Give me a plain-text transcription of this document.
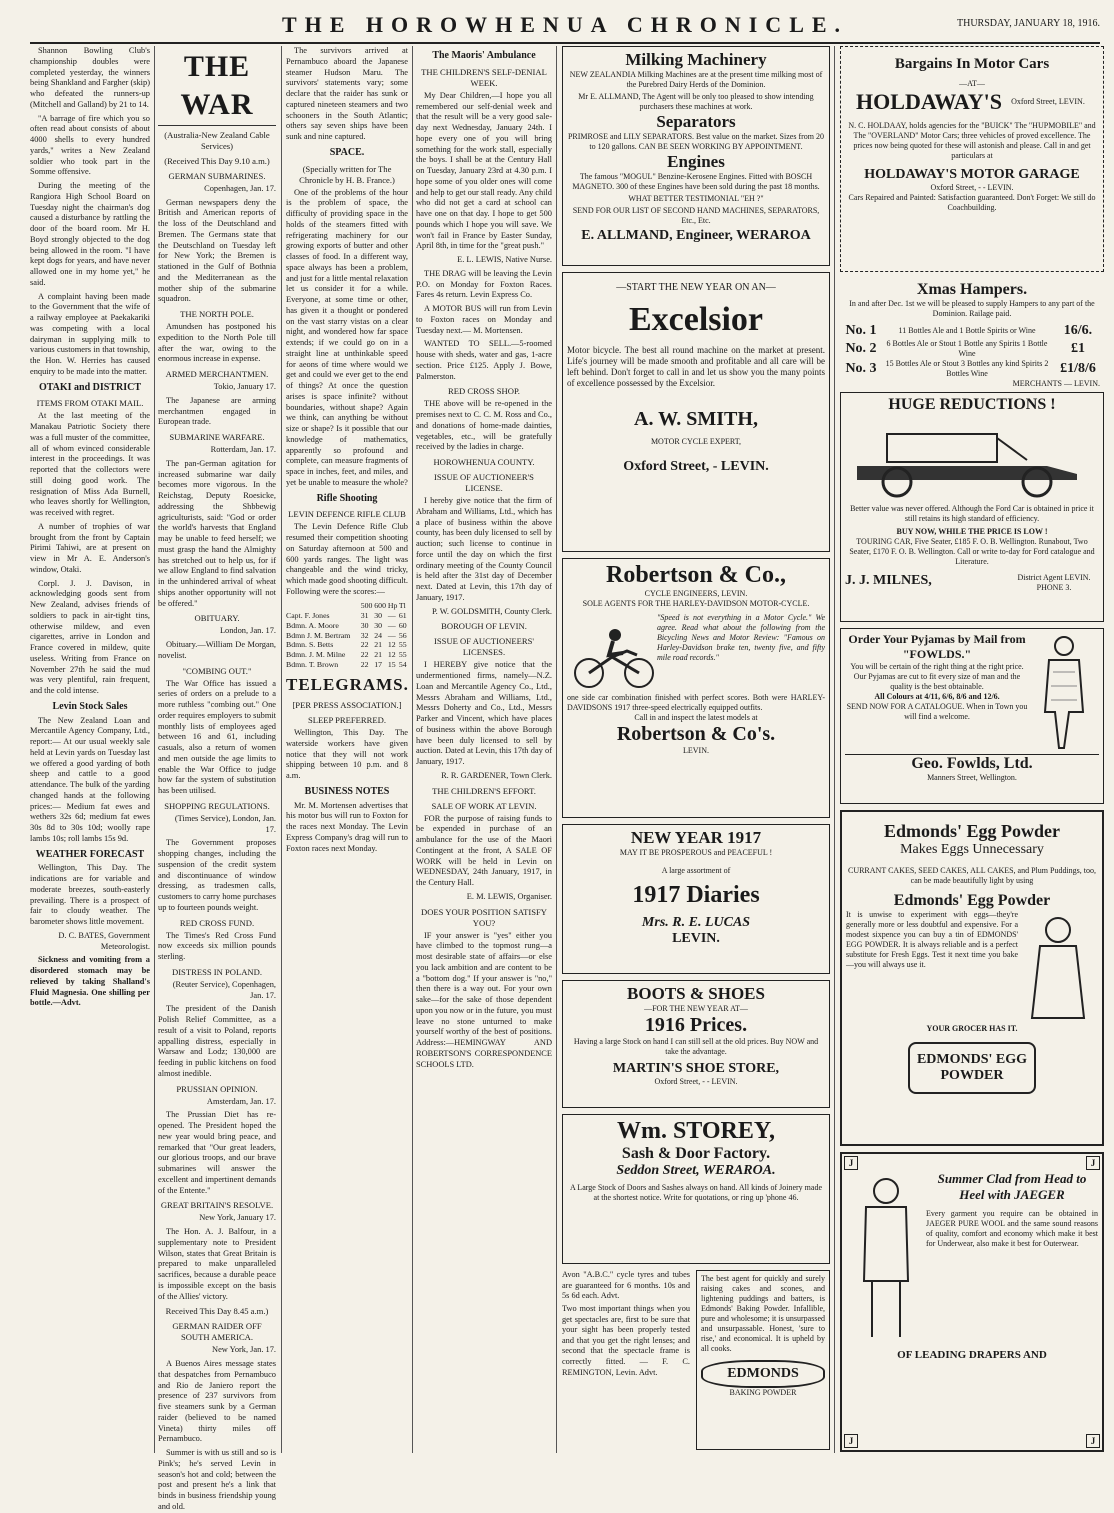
THE HOROWHENUA CHRONICLE.	THURSDAY, JANUARY 18, 1916.

Shannon Bowling Club's championship doubles were completed yesterday, the winners being Shankland and Fargher (skip) who defeated the runners-up (Mitchell and Galland) by 21 to 14.

"A barrage of fire which you so often read about consists of about 4000 shells to every hundred yards," writes a New Zealand soldier who took part in the Somme offensive.

During the meeting of the Rangiora High School Board on Tuesday night the chairman's dog caused a disturbance by rattling the door of the board room. Mr H. Boyd strongly objected to the dog being allowed in the room. "I have kept dogs for years, and have never allowed one in my home yet," he said.

A complaint having been made to the Government that the wife of a railway employee at Paekakariki was competing with a local dairyman in supplying milk to various customers in that township, the Hon. W. Herries has caused enquiry to be made into the matter.

OTAKI and DISTRICT
ITEMS FROM OTAKI MAIL.

At the last meeting of the Manakau Patriotic Society there was a full muster of the committee, all of whom evinced considerable interest in the proceedings. It was reported that the collectors were still doing good work. The resignation of Miss Ada Burnell, who leaves shortly for Wellington, was received with regret.

A number of trophies of war brought from the front by Captain Pirimi Tahiwi, are at present on view in Mr A. E. Anderson's window, Otaki.

Corpl. J. J. Davison, in acknowledging goods sent from New Zealand, advises friends of soldiers to pack in air-tight tins, otherwise mildew, and even cigarettes, arrive in London and France covered in mildew, quite useless. Writing from France on November 27th he said the mud was very plentiful, rain frequent, and the cold intense.

Levin Stock Sales

The New Zealand Loan and Mercantile Agency Company, Ltd., report:— At our usual weekly sale held at Levin yards on Tuesday last we offered a good yarding of both sheep and cattle to a good attendance. The bulk of the yarding changed hands at the following prices:— Medium fat ewes and wethers 32s 6d; medium fat ewes 30s 8d to 30s 10d; woolly rape lambs 10s; roll lambs 15s 9d.

WEATHER FORECAST

Wellington, This Day. The indications are for variable and moderate breezes, south-easterly prevailing. There is a prospect of fair to cloudy weather. The barometer shows little movement.

D. C. BATES, Government Meteorologist.

Sickness and vomiting from a disordered stomach may be relieved by taking Shalland's Fluid Magnesia. One shilling per bottle.—Advt.

THE WAR
(Australia-New Zealand Cable Services)
(Received This Day 9.10 a.m.)
GERMAN SUBMARINES.

Copenhagen, Jan. 17.

German newspapers deny the British and American reports of the loss of the Deutschland and Bremen. The Germans state that the Deutschland on Tuesday left for New York; the Bremen is stationed in the Gulf of Bothnia and the Mediterranean as the mother ship of the submarine squadron.

THE NORTH POLE.

Amundsen has postponed his expedition to the North Pole till after the war, owing to the enormous increase in expense.

ARMED MERCHANTMEN.

Tokio, January 17.

The Japanese are arming merchantmen engaged in European trade.

SUBMARINE WARFARE.

Rotterdam, Jan. 17.

The pan-German agitation for increased submarine war daily becomes more vigorous. In the Reichstag, Deputy Roesicke, addressing the Shbbewig agriculturists, said: "God or order the world's harvests that England may be unable to feed herself; we must grasp the hand the Almighty has stretched out to help us, for if we allow England to find salvation in the unhindered arrival of wheat ships another opportunity will not be offered."

OBITUARY.

London, Jan. 17.

Obituary.—William De Morgan, novelist.

"COMBING OUT."

The War Office has issued a series of orders on a prelude to a more ruthless "combing out." One order requires employers to submit monthly lists of employees aged between 16 and 61, including casuals, also a return of women and men outside the age limits to enable the War Office to judge how far the system of substitution has been utilised.

SHOPPING REGULATIONS.

(Times Service), London, Jan. 17.

The Government proposes shopping changes, including the suspension of the credit system and discontinuance of window dressing, as tradesmen calls, customers to carry home purchases up to fourteen pounds weight.

RED CROSS FUND.

The Times's Red Cross Fund now exceeds six million pounds sterling.

DISTRESS IN POLAND.

(Reuter Service), Copenhagen, Jan. 17.

The president of the Danish Polish Relief Committee, as a result of a visit to Poland, reports appalling distress, especially in Warsaw and Lodz; 130,000 are feeding in public kitchens on food almost inedible.

PRUSSIAN OPINION.

Amsterdam, Jan. 17.

The Prussian Diet has re-opened. The President hoped the new year would bring peace, and remarked that "Our great leaders, our glorious troops, and our brave submarines will answer the excellent and impertinent demands of the Entente."

GREAT BRITAIN'S RESOLVE.

New York, January 17.

The Hon. A. J. Balfour, in a supplementary note to President Wilson, states that Great Britain is prepared to make unparalleled sacrifices, because a durable peace is impossible except on the basis of the Allies' victory.

Received This Day 8.45 a.m.)
GERMAN RAIDER OFF SOUTH AMERICA.

New York, Jan. 17.

A Buenos Aires message states that despatches from Pernambuco and Rio de Janiero report the presence of 237 survivors from five steamers sunk by a German raider (believed to be named Vineta) thirty miles off Pernambuco.

Summer is with us still and so is Pink's; he's served Levin in season's hot and cold; between the post and present he's a link that binds in business friendship young and old.

The survivors arrived at Pernambuco aboard the Japanese steamer Hudson Maru. The survivors' statements vary; some declare that the raider has sunk or captured nineteen steamers and two schooners in the South Atlantic; others say seven ships have been sunk and nine captured.

SPACE.
(Specially written for The Chronicle by H. B. France.)

One of the problems of the hour is the problem of space, the difficulty of providing space in the holds of the steamers fitted with refrigerating machinery for our growing exports of butter and other classes of food. In a different way, space always has been a problem, and just for a little mental relaxation let us consider it for a while. Everyone, at some time or other, has given it a thought or pondered on the vast starry vistas on a clear night, and wondered how far space extends; if we could go on in a straight line at unthinkable speed for aeons of time where would we get and could we ever get to the end of things? At once the question arises is space infinite? without boundaries, without shape? Again we think, can anything be without size or shape? Is it possible that our knowledge of mathematics, apparently so profound and complete, can measure fragments of space in inches, feet, and miles, and yet be unable to measure the whole?

Rifle Shooting
LEVIN DEFENCE RIFLE CLUB

The Levin Defence Rifle Club resumed their competition shooting on Saturday afternoon at 500 and 600 yards ranges. The light was changeable and the wind tricky, which made good shooting difficult. Following were the scores:—

	500	600	Hp	Tl
Capt. F. Jones	31	30	—	61
Bdmn. A. Moore	30	30	—	60
Bdmn J. M. Bertram	32	24	—	56
Bdmn. S. Betts	22	21	12	55
Bdmn. J. M. Milne	22	21	12	55
Bdmn. T. Brown	22	17	15	54
TELEGRAMS.
[PER PRESS ASSOCIATION.]
SLEEP PREFERRED.

Wellington, This Day. The waterside workers have given notice that they will not work shipping between 10 p.m. and 8 a.m.

BUSINESS NOTES

Mr. M. Mortensen advertises that his motor bus will run to Foxton for the races next Monday. The Levin Express Company's drag will run to Foxton races next Monday.

The Maoris' Ambulance
THE CHILDREN'S SELF-DENIAL WEEK.

My Dear Children,—I hope you all remembered our self-denial week and that the result will be a very good sale-day next Wednesday, January 24th. I hope every one of you will bring something for the work stall, especially the boys. I shall be at the Century Hall on Tuesday, January 23rd at 4.30 p.m. I hope some of you older ones will come and help to get our stall ready. Any child who did not get a card at school can have one on that day. I hope to get 500 pounds which I hope you will save. We won't fail in France by Easter Sunday, April 8th, in time for the "great push."

E. L. LEWIS, Native Nurse.

THE DRAG will be leaving the Levin P.O. on Monday for Foxton Races. Fares 4s return. Levin Express Co.

A MOTOR BUS will run from Levin to Foxton races on Monday and Tuesday next.— M. Mortensen.

WANTED TO SELL.—5-roomed house with sheds, water and gas, 1-acre section. Price £125. Apply J. Bowe, Palmerston.

RED CROSS SHOP.

THE above will be re-opened in the premises next to C. C. M. Ross and Co., and donations of home-made dainties, vegetables, etc., will be gratefully received by the ladies in charge.

HOROWHENUA COUNTY.
ISSUE OF AUCTIONEER'S LICENSE.

I hereby give notice that the firm of Abraham and Williams, Ltd., which has a place of business within the above county, has been duly licensed to sell by auction; such license to continue in force until the day on which the first ordinary meeting of the County Council is held after the 31st day of December next. Dated at Levin, this 17th day of January, 1917.

P. W. GOLDSMITH, County Clerk.

BOROUGH OF LEVIN.
ISSUE OF AUCTIONEERS' LICENSES.

I HEREBY give notice that the undermentioned firms, namely—N.Z. Loan and Mercantile Agency Co., Ltd., Messrs Abraham and Williams, Ltd., Messrs Doherty and Co., Ltd., Messrs Parker and Vincent, which have places of business within the above Borough have been duly licensed to sell by auction. Dated at Levin, this 17th day of January, 1917.

R. R. GARDENER, Town Clerk.

THE CHILDREN'S EFFORT.
SALE OF WORK AT LEVIN.

FOR the purpose of raising funds to be expended in purchase of an ambulance for the use of the Maori Contingent at the front, A SALE OF WORK will be held in Levin on WEDNESDAY, 24th January, 1917, in the Century Hall.

E. M. LEWIS, Organiser.

DOES YOUR POSITION SATISFY YOU?

IF your answer is "yes" either you have climbed to the topmost rung—a most desirable state of affairs—or else you lack ambition and are content to be a "bottom dog." If your answer is "no," then there is a way out. For your own sake—for the sake of those dependent upon you now or in the future, you must leave no stone unturned to make yourself worthy of the best of positions. Address:—HEMINGWAY AND ROBERTSON'S CORRESPONDENCE SCHOOLS LTD.

Milking Machinery
NEW ZEALANDIA Milking Machines are at the present time milking most of the Purebred Dairy Herds of the Dominion.
Mr E. ALLMAND, The Agent will be only too pleased to show intending purchasers these machines at work.
Separators
PRIMROSE and LILY SEPARATORS. Best value on the market. Sizes from 20 to 120 gallons. CAN BE SEEN WORKING BY APPOINTMENT.
Engines
The famous "MOGUL" Benzine-Kerosene Engines. Fitted with BOSCH MAGNETO. 300 of these Engines have been sold during the past 18 months.
WHAT BETTER TESTIMONIAL "EH ?"
SEND FOR OUR LIST OF SECOND HAND MACHINES, SEPARATORS, Etc., Etc.
E. ALLMAND, Engineer, WERAROA
—START THE NEW YEAR ON AN—
Excelsior
Motor bicycle. The best all round machine on the market at present. Life's journey will be made smooth and profitable and all care will be left behind. Don't forget to call in and let us show you the many points of excellence possessed by the Excelsior.
A. W. SMITH,
MOTOR CYCLE EXPERT,
Oxford Street, - LEVIN.
Robertson & Co.,
CYCLE ENGINEERS, LEVIN.
SOLE AGENTS FOR THE HARLEY-DAVIDSON MOTOR-CYCLE.
"Speed is not everything in a Motor Cycle." We agree. Read what about the following from the Bicycling News and Motor Review: "Famous on Harley-Davidson brake ten, twenty five, and fifty mile road records."
one side car combination finished with perfect scores. Both were HARLEY-DAVIDSONS 1917 three-speed electrically equipped outfits.
Call in and inspect the latest models at
Robertson & Co's.
LEVIN.
NEW YEAR 1917
MAY IT BE PROSPEROUS and PEACEFUL !
A large assortment of
1917 Diaries
Mrs. R. E. LUCAS
LEVIN.
BOOTS & SHOES
—FOR THE NEW YEAR AT—
1916 Prices.
Having a large Stock on hand I can still sell at the old prices. Buy NOW and take the advantage.
MARTIN'S SHOE STORE,
Oxford Street, - - LEVIN.
Wm. STOREY,
Sash & Door Factory.
Seddon Street, WERAROA.
A Large Stock of Doors and Sashes always on hand. All kinds of Joinery made at the shortest notice. Write for quotations, or ring up 'phone 46.

Avon "A.B.C." cycle tyres and tubes are guaranteed for 6 months. 10s and 5s 6d each. Advt.

Two most important things when you get spectacles are, first to be sure that your sight has been properly tested and that you get the right lenses; and second that the spectacle frame is correctly fitted. — F. C. REMINGTON, Levin. Advt.

The best agent for quickly and surely raising cakes and scones, and lightening puddings and batters, is Edmonds' Baking Powder. Infallible, pure and wholesome; it is unsurpassed and unsurpassable. Honest, 'sure to rise,' and economical. It is upheld by all cooks.
EDMONDS
BAKING POWDER
Bargains In Motor Cars
—AT—
HOLDAWAY'S	Oxford Street, LEVIN.
N. C. HOLDAAY, holds agencies for the "BUICK" The "HUPMOBILE" and The "OVERLAND" Motor Cars; three vehicles of proved excellence. The prices now being quoted for these will astonish and please. Call in and get particulars at
HOLDAWAY'S MOTOR GARAGE
Oxford Street, - - LEVIN.
Cars Repaired and Painted: Satisfaction guaranteed. Don't Forget: We still do Coachbuilding.
Xmas Hampers.
In and after Dec. 1st we will be pleased to supply Hampers to any part of the Dominion. Railage paid.
No. 1	11 Bottles Ale and 1 Bottle Spirits or Wine	16/6.
No. 2	6 Bottles Ale or Stout 1 Bottle any Spirits 1 Bottle Wine	£1
No. 3	15 Bottles Ale or Stout 3 Bottles any kind Spirits 2 Bottles Wine	£1/8/6
MERCHANTS — LEVIN.
HUGE REDUCTIONS !
Better value was never offered. Although the Ford Car is obtained in price it still retains its high standard of efficiency.
BUY NOW, WHILE THE PRICE IS LOW !
TOURING CAR, Five Seater, £185 F. O. B. Wellington. Runabout, Two Seater, £170 F. O. B. Wellington. Call or write to-day for Ford catalogue and Literature.
J. J. MILNES,	District Agent LEVIN. PHONE 3.
Order Your Pyjamas by Mail from "FOWLDS."
You will be certain of the right thing at the right price. Our Pyjamas are cut to fit every size of man and the quality is the best obtainable.
All Colours at 4/11, 6/6, 8/6 and 12/6.
SEND NOW FOR A CATALOGUE. When in Town you will find a welcome.
Geo. Fowlds, Ltd.
Manners Street, Wellington.
Edmonds' Egg Powder
Makes Eggs Unnecessary
CURRANT CAKES, SEED CAKES, ALL CAKES, and Plum Puddings, too, can be made beautifully light by using
Edmonds' Egg Powder
It is unwise to experiment with eggs—they're generally more or less doubtful and expensive. For a modest sixpence you can buy a tin of EDMONDS' EGG POWDER. It is always reliable and is a perfect substitute for Fresh Eggs. Test it next time you bake—you will always use it.
YOUR GROCER HAS IT.
EDMONDS' EGG POWDER
J	J
J	J
Summer Clad from Head to Heel with JAEGER
Every garment you require can be obtained in JAEGER PURE WOOL and the same sound reasons of quality, comfort and economy which make it best for Underwear, also make it best for Outerwear.
OF LEADING DRAPERS AND
